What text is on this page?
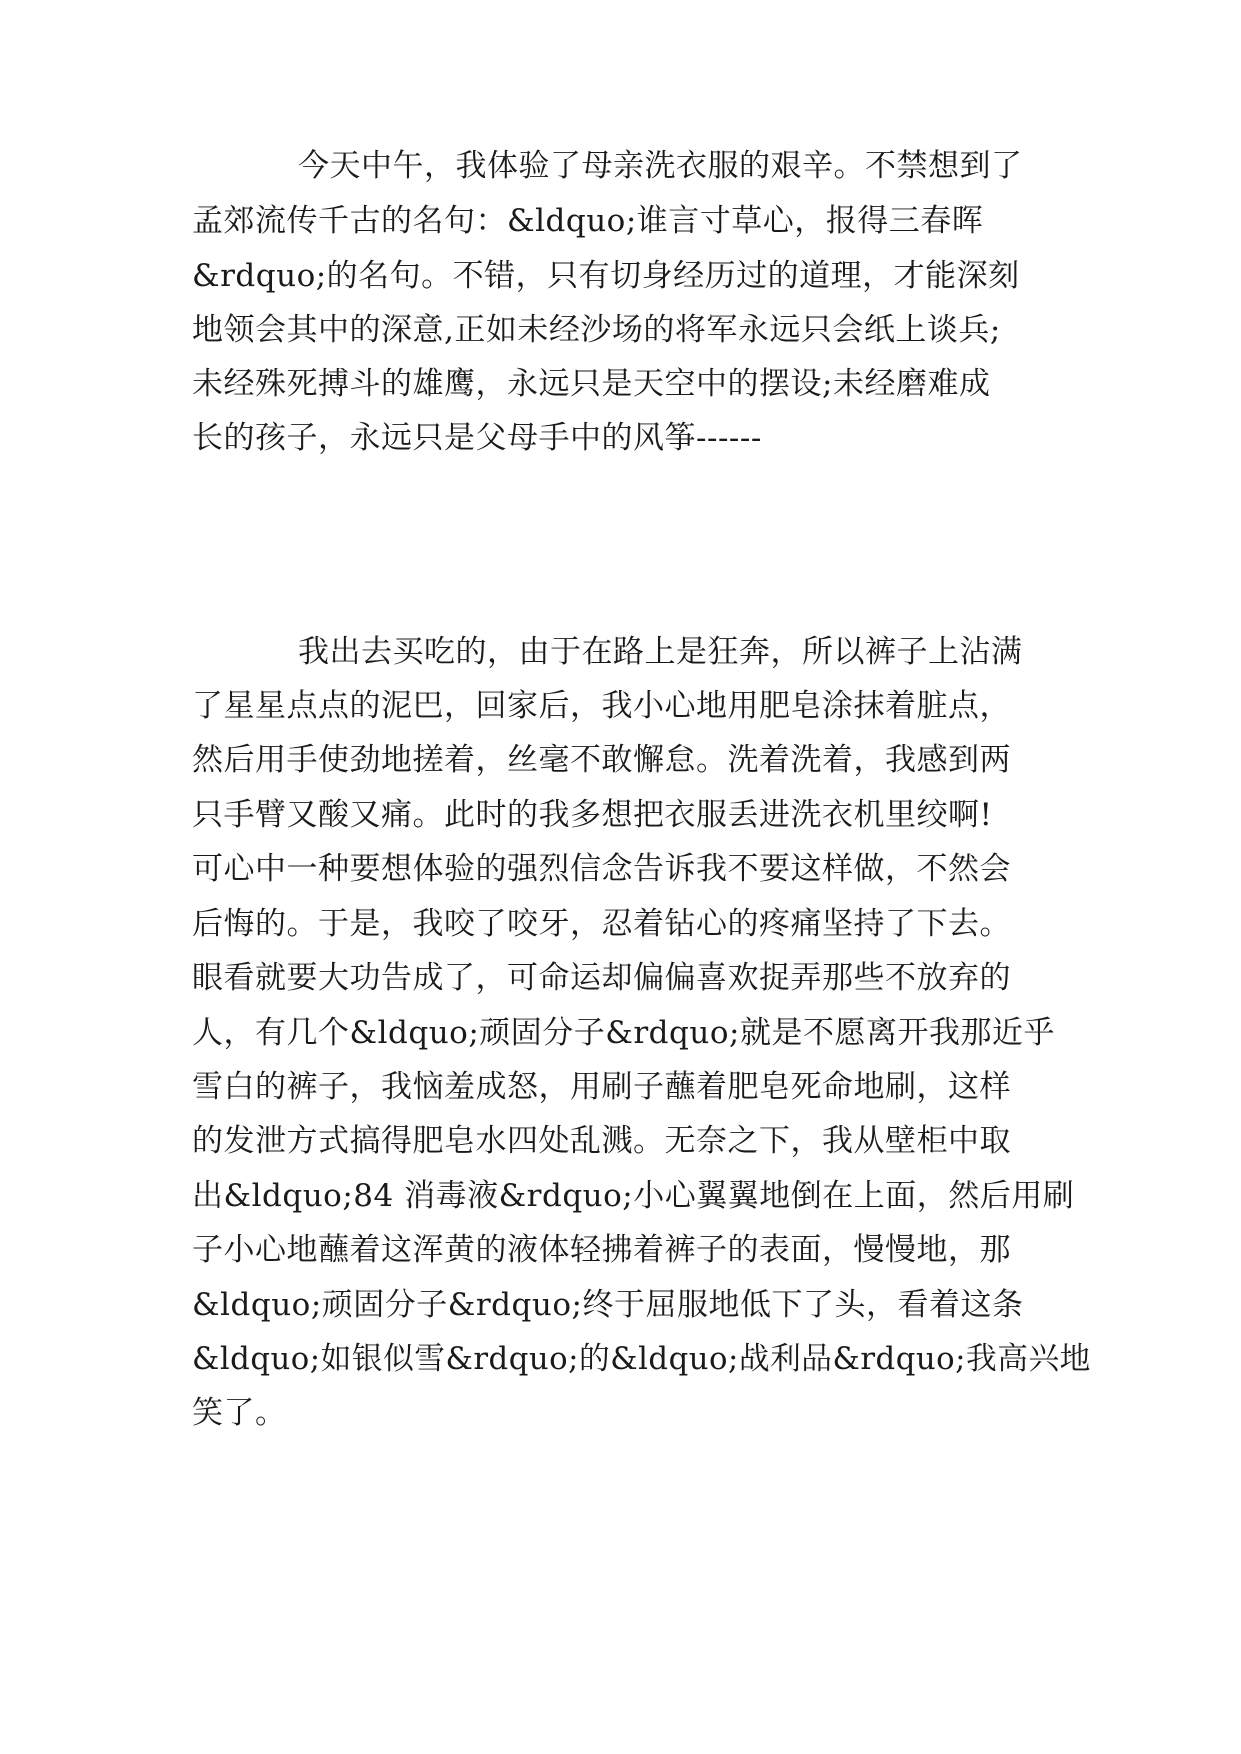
今天中午，我体验了母亲洗衣服的艰辛。不禁想到了

孟郊流传千古的名句：&ldquo;谁言寸草心，报得三春晖

&rdquo;的名句。不错，只有切身经历过的道理，才能深刻

地领会其中的深意,正如未经沙场的将军永远只会纸上谈兵;

未经殊死搏斗的雄鹰，永远只是天空中的摆设;未经磨难成

长的孩子，永远只是父母手中的风筝------

我出去买吃的，由于在路上是狂奔，所以裤子上沾满

了星星点点的泥巴，回家后，我小心地用肥皂涂抹着脏点，

然后用手使劲地搓着，丝毫不敢懈怠。洗着洗着，我感到两

只手臂又酸又痛。此时的我多想把衣服丢进洗衣机里绞啊!

可心中一种要想体验的强烈信念告诉我不要这样做，不然会

后悔的。于是，我咬了咬牙，忍着钻心的疼痛坚持了下去。

眼看就要大功告成了，可命运却偏偏喜欢捉弄那些不放弃的

人，有几个&ldquo;顽固分子&rdquo;就是不愿离开我那近乎

雪白的裤子，我恼羞成怒，用刷子蘸着肥皂死命地刷，这样

的发泄方式搞得肥皂水四处乱溅。无奈之下，我从壁柜中取

出&ldquo;84 消毒液&rdquo;小心翼翼地倒在上面，然后用刷

子小心地蘸着这浑黄的液体轻拂着裤子的表面，慢慢地，那

&ldquo;顽固分子&rdquo;终于屈服地低下了头，看着这条

&ldquo;如银似雪&rdquo;的&ldquo;战利品&rdquo;我高兴地

笑了。
